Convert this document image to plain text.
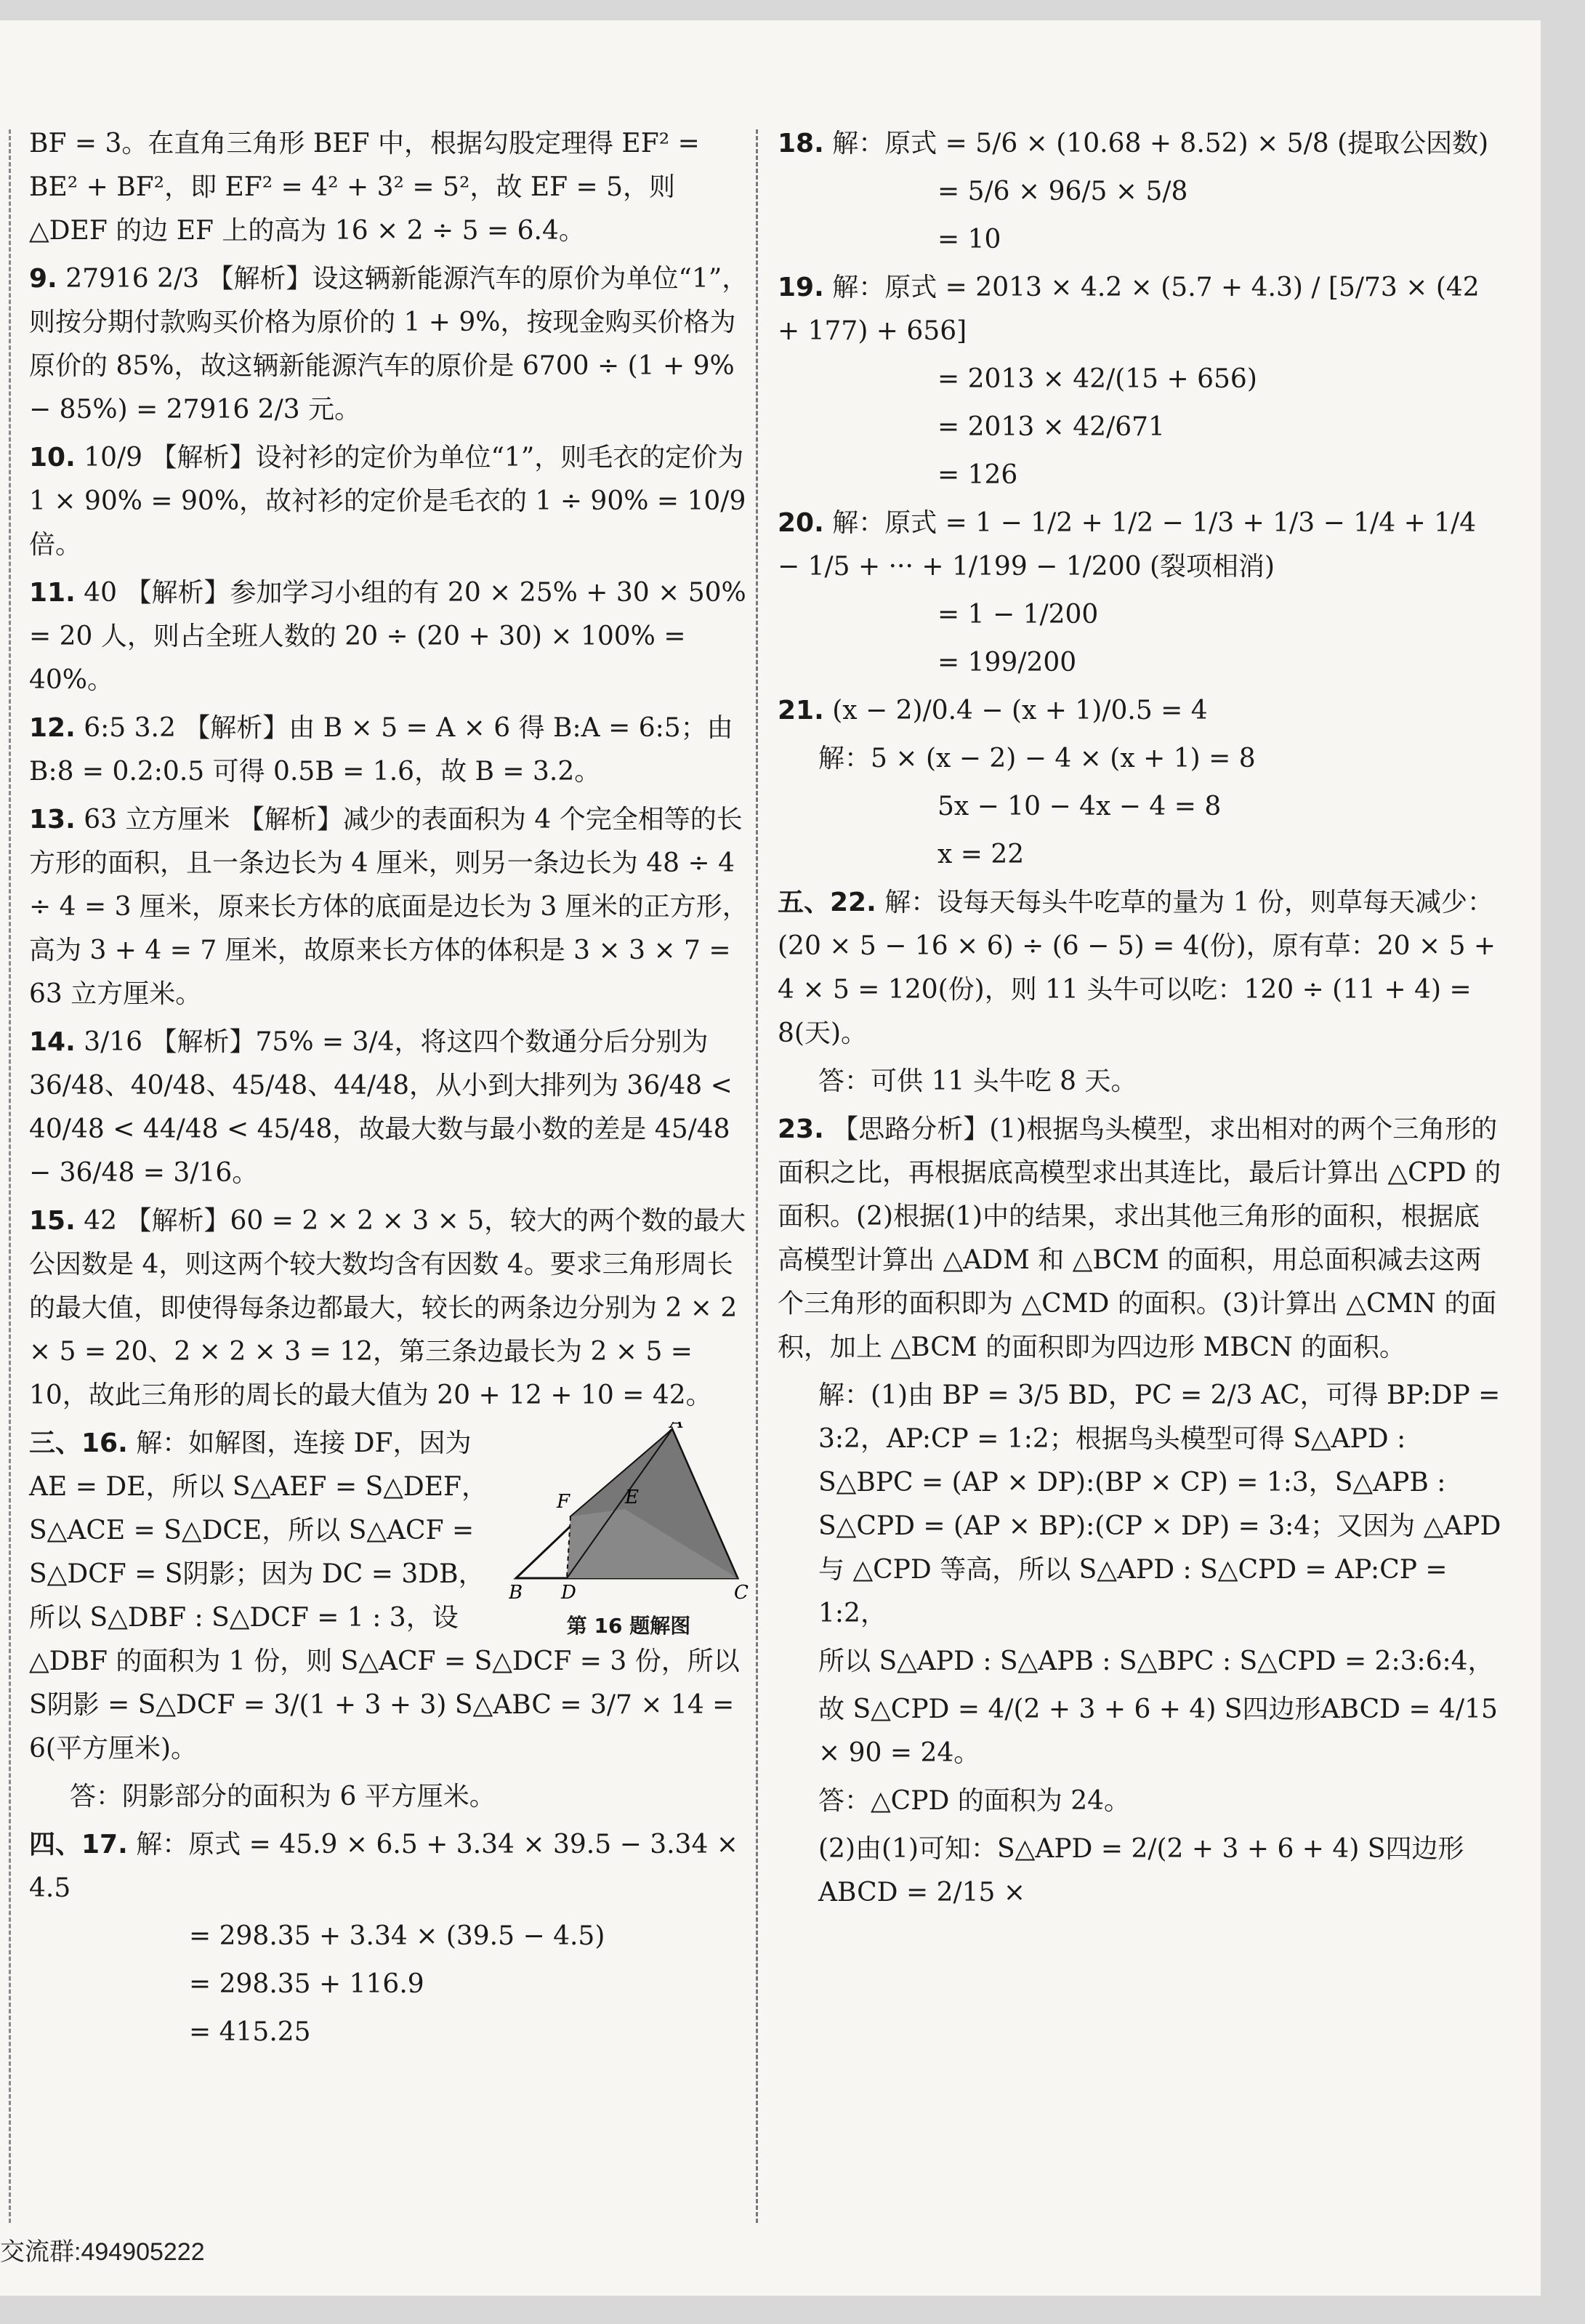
BF = 3。在直角三角形 BEF 中，根据勾股定理得 EF² = BE² + BF²，即 EF² = 4² + 3² = 5²，故 EF = 5，则 △DEF 的边 EF 上的高为 16 × 2 ÷ 5 = 6.4。

9. 27916 2/3 【解析】设这辆新能源汽车的原价为单位“1”，则按分期付款购买价格为原价的 1 + 9%，按现金购买价格为原价的 85%，故这辆新能源汽车的原价是 6700 ÷ (1 + 9% − 85%) = 27916 2/3 元。

10. 10/9 【解析】设衬衫的定价为单位“1”，则毛衣的定价为 1 × 90% = 90%，故衬衫的定价是毛衣的 1 ÷ 90% = 10/9 倍。

11. 40 【解析】参加学习小组的有 20 × 25% + 30 × 50% = 20 人，则占全班人数的 20 ÷ (20 + 30) × 100% = 40%。

12. 6:5 3.2 【解析】由 B × 5 = A × 6 得 B:A = 6:5；由 B:8 = 0.2:0.5 可得 0.5B = 1.6，故 B = 3.2。

13. 63 立方厘米 【解析】减少的表面积为 4 个完全相等的长方形的面积，且一条边长为 4 厘米，则另一条边长为 48 ÷ 4 ÷ 4 = 3 厘米，原来长方体的底面是边长为 3 厘米的正方形，高为 3 + 4 = 7 厘米，故原来长方体的体积是 3 × 3 × 7 = 63 立方厘米。

14. 3/16 【解析】75% = 3/4，将这四个数通分后分别为 36/48、40/48、45/48、44/48，从小到大排列为 36/48 < 40/48 < 44/48 < 45/48，故最大数与最小数的差是 45/48 − 36/48 = 3/16。

15. 42 【解析】60 = 2 × 2 × 3 × 5，较大的两个数的最大公因数是 4，则这两个较大数均含有因数 4。要求三角形周长的最大值，即使得每条边都最大，较长的两条边分别为 2 × 2 × 5 = 20、2 × 2 × 3 = 12，第三条边最长为 2 × 5 = 10，故此三角形的周长的最大值为 20 + 12 + 10 = 42。

A
B	C
D
E
F
第 16 题解图

三、16. 解：如解图，连接 DF，因为 AE = DE，所以 S△AEF = S△DEF，S△ACE = S△DCE，所以 S△ACF = S△DCF = S阴影；因为 DC = 3DB，所以 S△DBF : S△DCF = 1 : 3，设 △DBF 的面积为 1 份，则 S△ACF = S△DCF = 3 份，所以 S阴影 = S△DCF = 3/(1 + 3 + 3) S△ABC = 3/7 × 14 = 6(平方厘米)。

答：阴影部分的面积为 6 平方厘米。

四、17. 解：原式 = 45.9 × 6.5 + 3.34 × 39.5 − 3.34 × 4.5

= 298.35 + 3.34 × (39.5 − 4.5)

= 298.35 + 116.9

= 415.25

18. 解：原式 = 5/6 × (10.68 + 8.52) × 5/8 (提取公因数)

= 5/6 × 96/5 × 5/8

= 10

19. 解：原式 = 2013 × 4.2 × (5.7 + 4.3) / [5/73 × (42 + 177) + 656]

= 2013 × 42/(15 + 656)

= 2013 × 42/671

= 126

20. 解：原式 = 1 − 1/2 + 1/2 − 1/3 + 1/3 − 1/4 + 1/4 − 1/5 + ··· + 1/199 − 1/200 (裂项相消)

= 1 − 1/200

= 199/200

21. (x − 2)/0.4 − (x + 1)/0.5 = 4

解：5 × (x − 2) − 4 × (x + 1) = 8

5x − 10 − 4x − 4 = 8

x = 22

五、22. 解：设每天每头牛吃草的量为 1 份，则草每天减少：(20 × 5 − 16 × 6) ÷ (6 − 5) = 4(份)，原有草：20 × 5 + 4 × 5 = 120(份)，则 11 头牛可以吃：120 ÷ (11 + 4) = 8(天)。

答：可供 11 头牛吃 8 天。

23. 【思路分析】(1)根据鸟头模型，求出相对的两个三角形的面积之比，再根据底高模型求出其连比，最后计算出 △CPD 的面积。(2)根据(1)中的结果，求出其他三角形的面积，根据底高模型计算出 △ADM 和 △BCM 的面积，用总面积减去这两个三角形的面积即为 △CMD 的面积。(3)计算出 △CMN 的面积，加上 △BCM 的面积即为四边形 MBCN 的面积。

解：(1)由 BP = 3/5 BD，PC = 2/3 AC，可得 BP:DP = 3:2，AP:CP = 1:2；根据鸟头模型可得 S△APD : S△BPC = (AP × DP):(BP × CP) = 1:3，S△APB : S△CPD = (AP × BP):(CP × DP) = 3:4；又因为 △APD 与 △CPD 等高，所以 S△APD : S△CPD = AP:CP = 1:2，

所以 S△APD : S△APB : S△BPC : S△CPD = 2:3:6:4，

故 S△CPD = 4/(2 + 3 + 6 + 4) S四边形ABCD = 4/15 × 90 = 24。

答：△CPD 的面积为 24。

(2)由(1)可知：S△APD = 2/(2 + 3 + 6 + 4) S四边形ABCD = 2/15 ×

交流群:494905222
